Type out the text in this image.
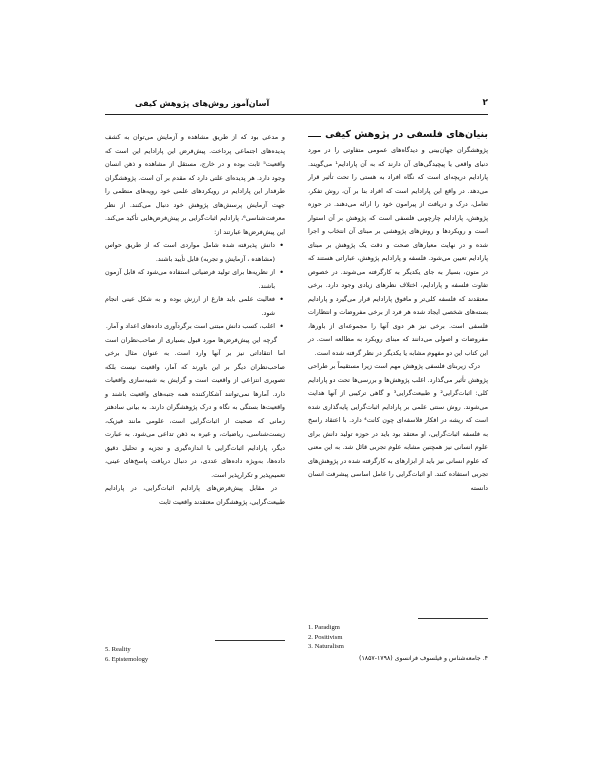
۲
آسان‌آموز روش‌های پژوهش کیفی
بنیان‌های فلسفی در پژوهش کیفی

پژوهشگران جهان‌بینی و دیدگاه‌های عمومی متفاوتی را در مورد دنیای واقعی یا پیچیدگی‌های آن دارند که به آن پارادایم¹ می‌گویند. پارادایم دریچه‌ای است که نگاه افراد به هستی را تحت تأثیر قرار می‌دهد. در واقع این پارادایم است که افراد بنا بر آن، روش تفکر، تعامل، درک و دریافت از پیرامون خود را ارائه می‌دهند. در حوزه پژوهش، پارادایم چارچوبی فلسفی است که پژوهش بر آن استوار است و رویکردها و روش‌های پژوهشی بر مبنای آن انتخاب و اجرا شده و در نهایت معیارهای صحت و دقت یک پژوهش بر مبنای پارادایم تعیین می‌شود. فلسفه و پارادایم پژوهش، عباراتی هستند که در متون، بسیار به جای یکدیگر به کارگرفته می‌شوند. در خصوص تفاوت فلسفه و پارادایم، اختلاف نظرهای زیادی وجود دارد. برخی معتقدند که فلسفه کلی‌تر و مافوق پارادایم قرار می‌گیرد و پارادایم بسته‌های شخصی ایجاد شده هر فرد از برخی مفروضات و انتظارات فلسفی است. برخی نیز هر دوی آنها را مجموعه‌ای از باورها، مفروضات و اصولی می‌دانند که مبنای رویکرد به مطالعه است. در این کتاب این دو مفهوم مشابه یا یکدیگر در نظر گرفته شده است.

درک زیربنای فلسفی پژوهش مهم است زیرا مستقیماً بر طراحی پژوهش تأثیر می‌گذارد. اغلب پژوهش‌ها و بررسی‌ها تحت دو پارادایم کلی: اثبات‌گرایی² و طبیعت‌گرایی³ و گاهی ترکیبی از آنها هدایت می‌شوند. روش سنتی علمی بر پارادایم اثبات‌گرایی پایه‌گذاری شده است که ریشه در افکار فلاسفه‌ای چون کانت⁴ دارد. با اعتقاد راسخ به فلسفه اثبات‌گرایی، او معتقد بود باید در حوزه تولید دانش برای علوم انسانی نیز همچنین مشابه علوم تجربی قائل شد. به این معنی که علوم انسانی نیز باید از ابزارهای به کارگرفته شده در پژوهش‌های تجربی استفاده کنند. او اثبات‌گرایی را عامل اساسی پیشرفت انسان دانسته

و مدعی بود که از طریق مشاهده و آزمایش می‌توان به کشف پدیده‌های اجتماعی پرداخت. پیش‌فرض این پارادایم این است که واقعیت⁵ ثابت بوده و در خارج، مستقل از مشاهده و ذهن انسان وجود دارد. هر پدیده‌ای علتی دارد که مقدم بر آن است. پژوهشگران طرفدار این پارادایم در رویکردهای علمی خود رویه‌های منظمی را جهت آزمایش پرسش‌های پژوهش خود دنبال می‌کنند. از نظر معرفت‌شناسی⁶، پارادایم اثبات‌گرایی بر پیش‌فرض‌هایی تأکید می‌کند. این پیش‌فرض‌ها عبارتند از:

• دانش پذیرفته شده شامل مواردی است که از طریق حواس (مشاهده ، آزمایش و تجربه) قابل تأیید باشند.
• از نظریه‌ها برای تولید فرضیاتی استفاده می‌شود که قابل آزمون باشند.
• فعالیت علمی باید فارغ از ارزش بوده و به شکل عینی انجام شود.
• اغلب، کسب دانش مبتنی است برگردآوری داده‌های اعداد و آمار.

گرچه این پیش‌فرض‌ها مورد قبول بسیاری از صاحب‌نظران است اما انتقاداتی نیز بر آنها وارد است. به عنوان مثال برخی صاحب‌نظران دیگر بر این باورند که آمار، واقعیت نیست بلکه تصویری انتزاعی از واقعیت است و گرایش به شبیه‌سازی واقعیات دارد. آمارها نمی‌توانند آشکارکننده همه جنبه‌های واقعیت باشند و واقعیت‌ها بستگی به نگاه و درک پژوهشگران دارند. به بیانی سادهتر زمانی که صحبت از اثبات‌گرایی است، علومی مانند فیزیک، زیست‌شناسی، ریاضیات، و غیره به ذهن تداعی می‌شود. به عبارت دیگر، پارادایم اثبات‌گرایی با اندازه‌گیری و تجزیه و تحلیل دقیق داده‌ها، به‌ویژه داده‌های عددی، در دنبال دریافت پاسخ‌های عینی، تعمیم‌پذیر و تکرارپذیر است.

در مقابل پیش‌فرض‌های پارادایم اثبات‌گرایی، در پارادایم طبیعت‌گرایی، پژوهشگران معتقدند واقعیت ثابت

1. Paradigm
2. Positivism
3. Naturalism
۴. جامعه‌شناس و فیلسوف فرانسوی (۱۷۹۸-۱۸۵۷)
5. Reality
6. Epistemology
